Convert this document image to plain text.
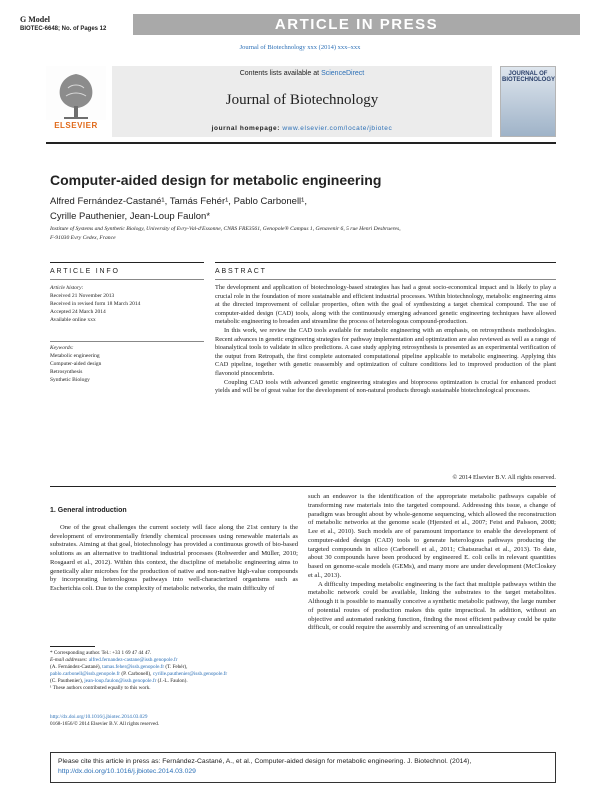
G Model
BIOTEC-6648; No. of Pages 12	ARTICLE IN PRESS
Journal of Biotechnology xxx (2014) xxx–xxx
ELSEVIER
Contents lists available at ScienceDirect
Journal of Biotechnology
journal homepage: www.elsevier.com/locate/jbiotec
JOURNAL OF BIOTECHNOLOGY
Computer-aided design for metabolic engineering
Alfred Fernández-Castané¹, Tamás Fehér¹, Pablo Carbonell¹,
Cyrille Pauthenier, Jean-Loup Faulon*
Institute of Systems and Synthetic Biology, University of Evry-Val-d'Essonne, CNRS FRE3561, Genopole® Campus 1, Genavenir 6, 5 rue Henri Desbrueres,
F-91030 Evry Cedex, France
ARTICLE INFO	ABSTRACT
Article history:
Received 21 November 2013
Received in revised form 18 March 2014
Accepted 24 March 2014
Available online xxx
Keywords:
Metabolic engineering
Computer-aided design
Retrosynthesis
Synthetic Biology

The development and application of biotechnology-based strategies has had a great socio-economical impact and is likely to play a crucial role in the foundation of more sustainable and efficient industrial processes. Within biotechnology, metabolic engineering aims at the directed improvement of cellular properties, often with the goal of synthesizing a target chemical compound. The use of computer-aided design (CAD) tools, along with the continuously emerging advanced genetic engineering techniques have allowed metabolic engineering to broaden and streamline the process of heterologous compound-production.

In this work, we review the CAD tools available for metabolic engineering with an emphasis, on retrosynthesis methodologies. Recent advances in genetic engineering strategies for pathway implementation and optimization are also reviewed as well as a range of bioanalytical tools to validate in silico predictions. A case study applying retrosynthesis is presented as an experimental verification of the output from Retropath, the first complete automated computational pipeline applicable to metabolic engineering. Applying this CAD pipeline, together with genetic reassembly and optimization of culture conditions led to improved production of the plant flavonoid pinocembrin.

Coupling CAD tools with advanced genetic engineering strategies and bioprocess optimization is crucial for enhanced product yields and will be of great value for the development of non-natural products through sustainable biotechnological processes.

© 2014 Elsevier B.V. All rights reserved.
1. General introduction

One of the great challenges the current society will face along the 21st century is the development of environmentally friendly chemical processes using renewable materials as substrates. Aiming at that goal, biotechnology has provided a continuous growth of bio-based solutions as an alternative to traditional industrial processes (Rohwerder and Müller, 2010; Rosgaard et al., 2012). Within this context, the discipline of metabolic engineering aims to genetically alter microbes for the production of native and non-native high-value compounds by incorporating heterologous pathways into well-characterized organisms such as Escherichia coli. Due to the complexity of metabolic networks, the main difficulty of

such an endeavor is the identification of the appropriate metabolic pathways capable of transforming raw materials into the targeted compound. Addressing this issue, a change of paradigm was brought about by whole-genome sequencing, which allowed the reconstruction of metabolic networks at the genome scale (Hjersted et al., 2007; Feist and Palsson, 2008; Lee et al., 2010). Such models are of paramount importance to enable the development of computer-aided design (CAD) tools to generate heterologous pathways producing the targeted compounds in silico (Carbonell et al., 2011; Chatsurachai et al., 2013). To date, about 30 compounds have been produced by engineered E. coli cells in relevant quantities based on genome-scale models (GEMs), and many more are under development (McCloskey et al., 2013).

A difficulty impeding metabolic engineering is the fact that multiple pathways within the metabolic network could be available, linking the substrates to the target metabolites. Although it is possible to manually conceive a synthetic metabolic pathway, the large number of potential routes of production makes this quite impractical. In addition, without an objective and automated ranking function, finding the most efficient pathway could be quite difficult, or could require the assembly and screening of an unrealistically

* Corresponding author. Tel.: +33 1 69 47 44 47.
E-mail addresses: alfred.fernandez-castane@issb.genopole.fr
(A. Fernández-Castané), tamas.feher@issb.genopole.fr (T. Fehér),
pablo.carbonell@issb.genopole.fr (P. Carbonell), cyrille.pauthenier@issb.genopole.fr
(C. Pauthenier), jean-loup.faulon@issb.genopole.fr (J.-L. Faulon).
¹ These authors contributed equally to this work.
http://dx.doi.org/10.1016/j.jbiotec.2014.03.029
0168-1656/© 2014 Elsevier B.V. All rights reserved.
Please cite this article in press as: Fernández-Castané, A., et al., Computer-aided design for metabolic engineering. J. Biotechnol. (2014),
http://dx.doi.org/10.1016/j.jbiotec.2014.03.029
